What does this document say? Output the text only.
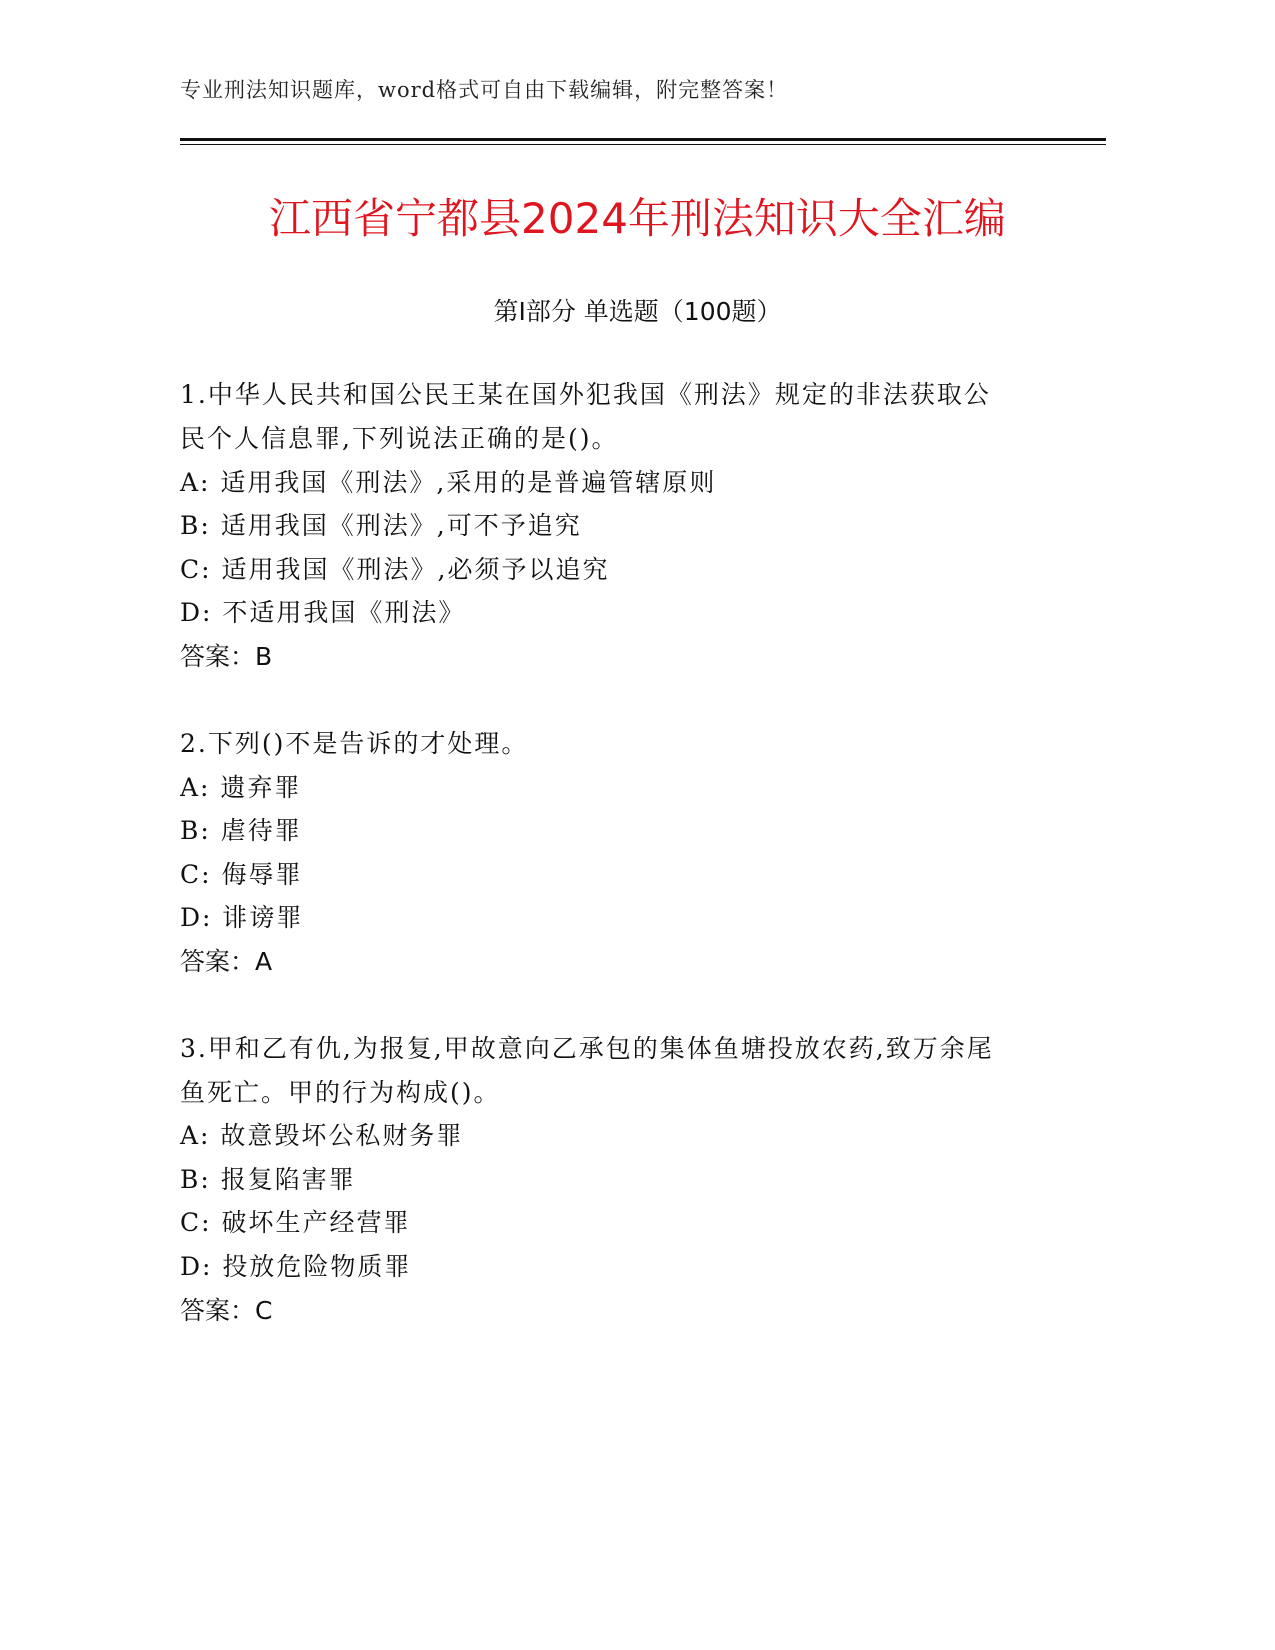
专业刑法知识题库，word格式可自由下载编辑，附完整答案！
江西省宁都县2024年刑法知识大全汇编
第I部分 单选题（100题）
1.中华人民共和国公民王某在国外犯我国《刑法》规定的非法获取公
民个人信息罪,下列说法正确的是()。
A: 适用我国《刑法》,采用的是普遍管辖原则
B: 适用我国《刑法》,可不予追究
C: 适用我国《刑法》,必须予以追究
D: 不适用我国《刑法》
答案：B
2.下列()不是告诉的才处理。
A: 遗弃罪
B: 虐待罪
C: 侮辱罪
D: 诽谤罪
答案：A
3.甲和乙有仇,为报复,甲故意向乙承包的集体鱼塘投放农药,致万余尾
鱼死亡。甲的行为构成()。
A: 故意毁坏公私财务罪
B: 报复陷害罪
C: 破坏生产经营罪
D: 投放危险物质罪
答案：C
